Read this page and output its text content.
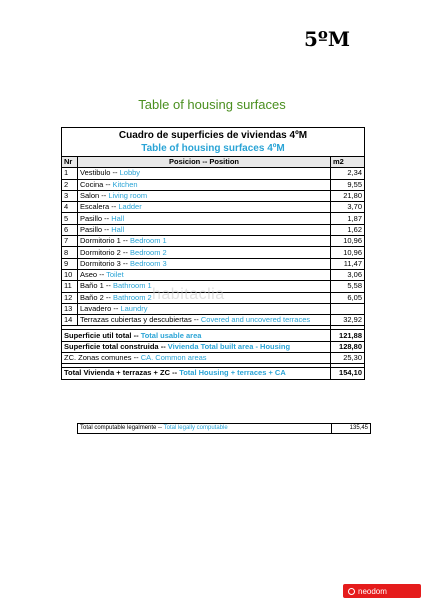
5ºM
Table of housing surfaces
Cuadro de superficies de viviendas 4ºM
Table of housing surfaces 4ºM
Nr	Posicion -- Position	m2
1	Vestibulo -- Lobby	2,34
2	Cocina -- Kitchen	9,55
3	Salon -- Living room	21,80
4	Escalera -- Ladder	3,70
5	Pasillo -- Hall	1,87
6	Pasillo -- Hall	1,62
7	Dormitorio 1 -- Bedroom 1	10,96
8	Dormitorio 2 -- Bedroom 2	10,96
9	Dormitorio 3 -- Bedroom 3	11,47
10	Aseo -- Toilet	3,06
11	Baño 1 -- Bathroom 1	5,58
12	Baño 2 -- Bathroom 2	6,05
13	Lavadero -- Laundry	
14	Terrazas cubiertas y descubiertas -- Covered and uncovered terraces	32,92

Superficie util total -- Total usable area	121,88
Superficie total construida -- Vivienda Total built area - Housing	128,80
ZC. Zonas comunes -- CA. Common areas	25,30

Total Vivienda + terrazas + ZC -- Total Housing + terraces + CA	154,10
Total computable legalmente -- Total legally computable	135,45
habitaclia
neodom
